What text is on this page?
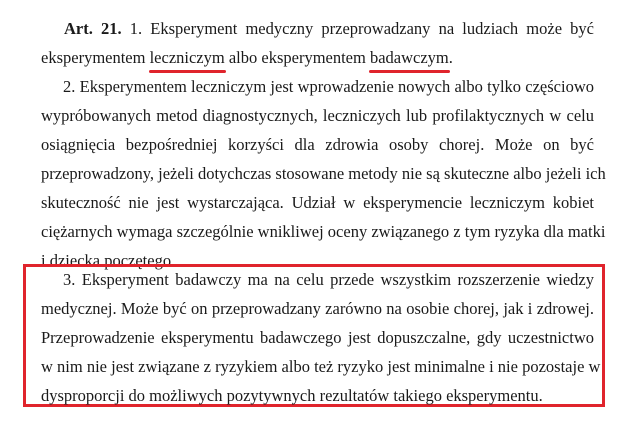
Art. 21. 1. Eksperyment medyczny przeprowadzany na ludziach może być
eksperymentem leczniczym
albo eksperymentem badawczym
.
2. Eksperymentem leczniczym jest wprowadzenie nowych albo tylko częściowo
wypróbowanych metod diagnostycznych, leczniczych lub profilaktycznych w celu
osiągnięcia bezpośredniej korzyści dla zdrowia osoby chorej. Może on być
przeprowadzony, jeżeli dotychczas stosowane metody nie są skuteczne albo jeżeli ich
skuteczność nie jest wystarczająca. Udział w eksperymencie leczniczym kobiet
ciężarnych wymaga szczególnie wnikliwej oceny związanego z tym ryzyka dla matki
i dziecka poczętego.
3. Eksperyment badawczy ma na celu przede wszystkim rozszerzenie wiedzy
medycznej. Może być on przeprowadzany zarówno na osobie chorej, jak i zdrowej.
Przeprowadzenie eksperymentu badawczego jest dopuszczalne, gdy uczestnictwo
w nim nie jest związane z ryzykiem albo też ryzyko jest minimalne i nie pozostaje w
dysproporcji do możliwych pozytywnych rezultatów takiego eksperymentu.
